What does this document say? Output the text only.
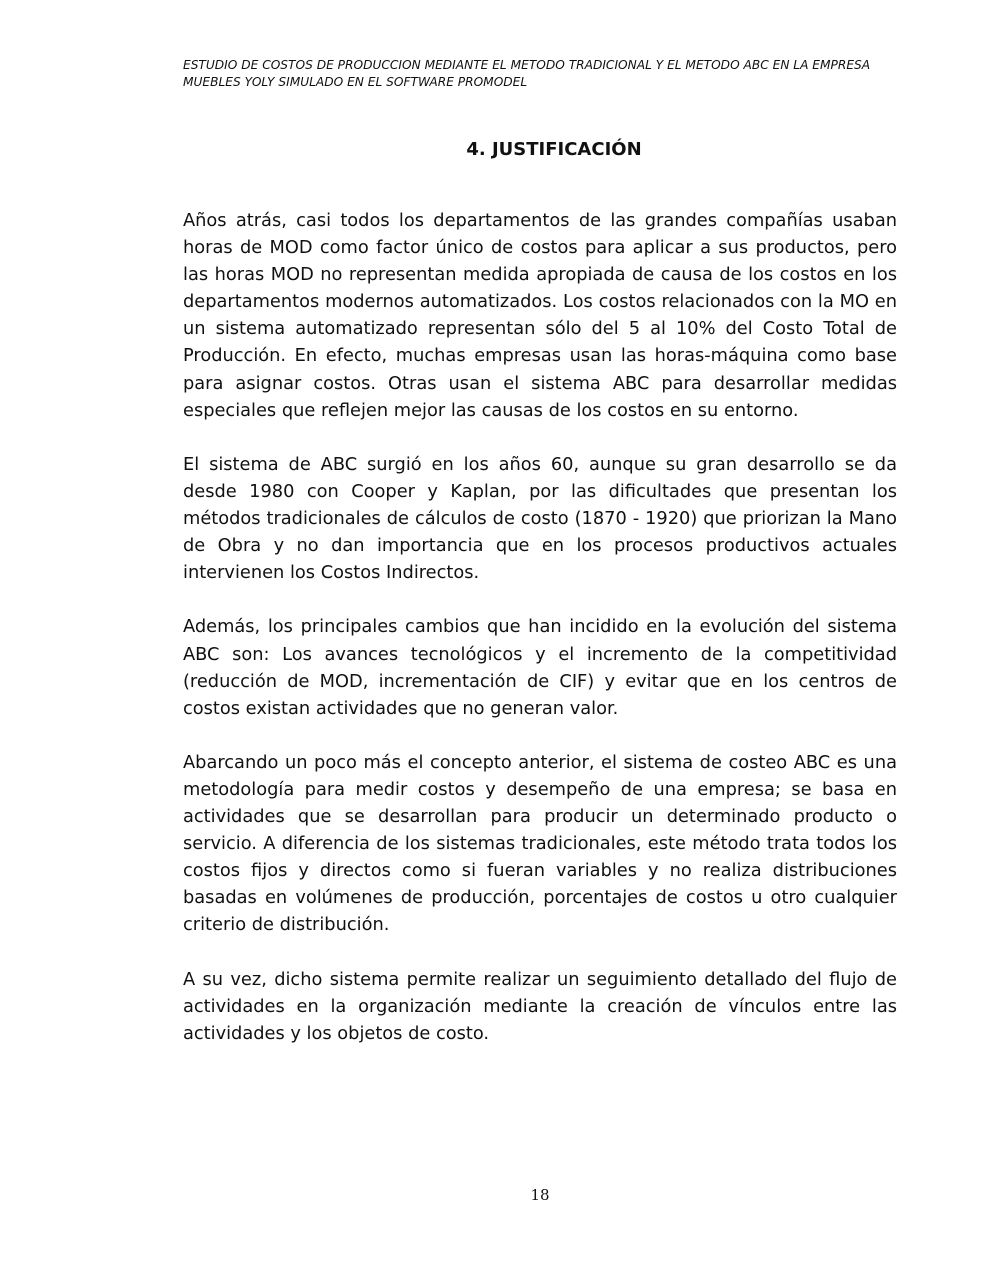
ESTUDIO DE COSTOS DE PRODUCCION MEDIANTE EL METODO TRADICIONAL Y EL METODO ABC EN LA EMPRESA MUEBLES YOLY SIMULADO EN EL SOFTWARE PROMODEL

4. JUSTIFICACIÓN

Años atrás, casi todos los departamentos de las grandes compañías usaban horas de MOD como factor único de costos para aplicar a sus productos, pero las horas MOD no representan medida apropiada de causa de los costos en los departamentos modernos automatizados. Los costos relacionados con la MO en un sistema automatizado representan sólo del 5 al 10% del Costo Total de Producción. En efecto, muchas empresas usan las horas-máquina como base para asignar costos. Otras usan el sistema ABC para desarrollar medidas especiales que reflejen mejor las causas de los costos en su entorno.

El sistema de ABC surgió en los años 60, aunque su gran desarrollo se da desde 1980 con Cooper y Kaplan, por las dificultades que presentan los métodos tradicionales de cálculos de costo (1870 - 1920) que priorizan la Mano de Obra y no dan importancia que en los procesos productivos actuales intervienen los Costos Indirectos.

Además, los principales cambios que han incidido en la evolución del sistema ABC son: Los avances tecnológicos y el incremento de la competitividad (reducción de MOD, incrementación de CIF) y evitar que en los centros de costos existan actividades que no generan valor.

Abarcando un poco más el concepto anterior, el sistema de costeo ABC es una metodología para medir costos y desempeño de una empresa; se basa en actividades que se desarrollan para producir un determinado producto o servicio. A diferencia de los sistemas tradicionales, este método trata todos los costos fijos y directos como si fueran variables y no realiza distribuciones basadas en volúmenes de producción, porcentajes de costos u otro cualquier criterio de distribución.

A su vez, dicho sistema permite realizar un seguimiento detallado del flujo de actividades en la organización mediante la creación de vínculos entre las actividades y los objetos de costo.

18
